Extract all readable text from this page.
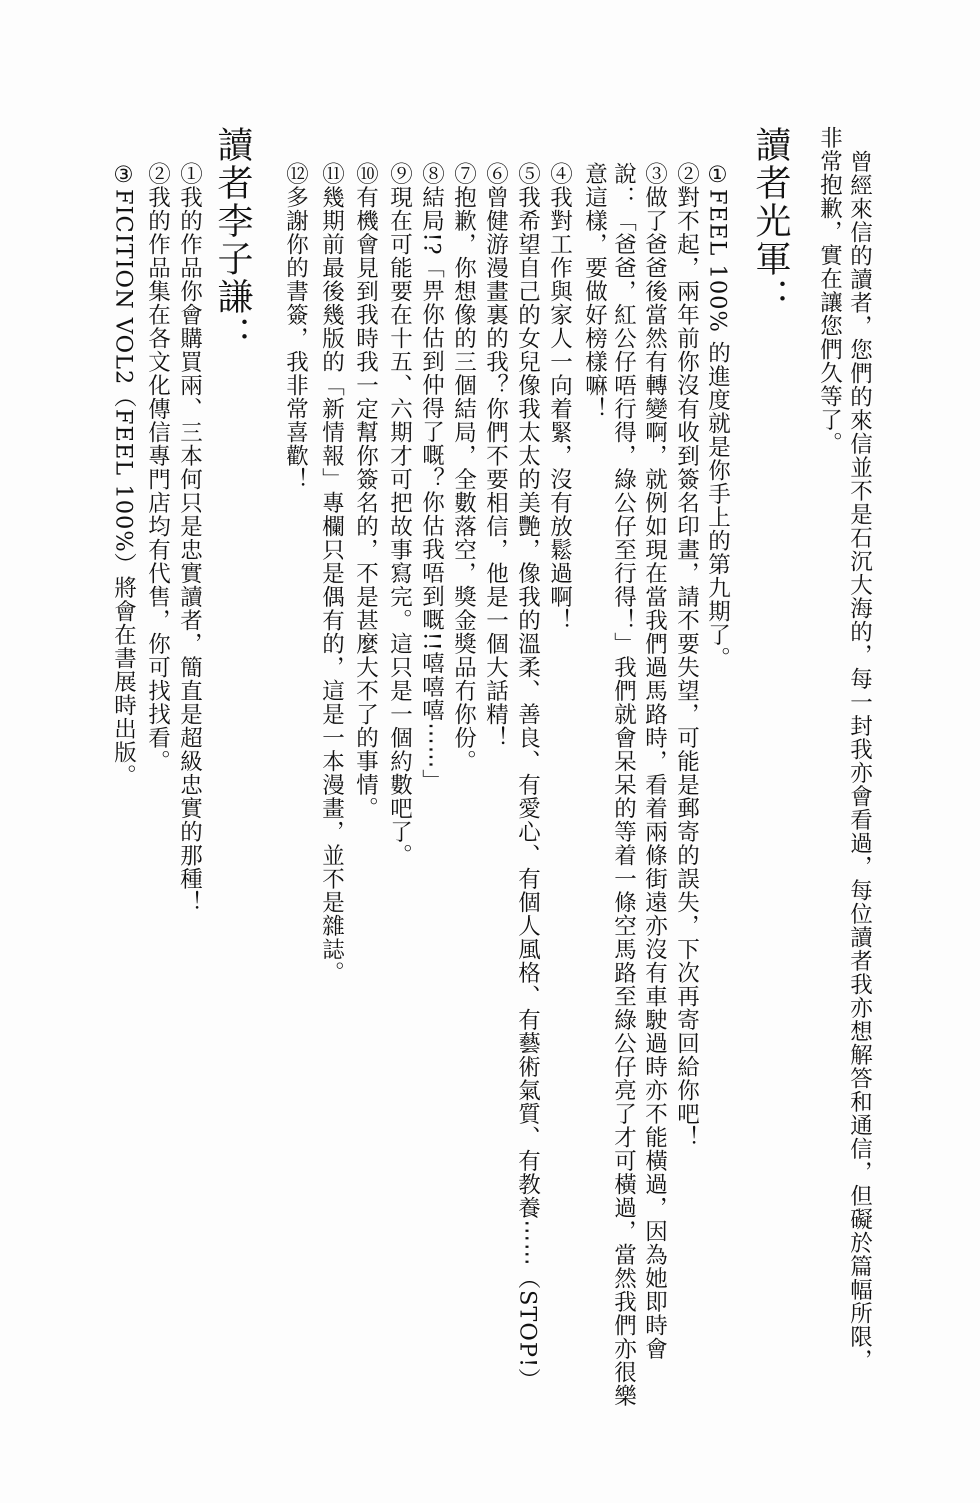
曾經來信的讀者，您們的來信並不是石沉大海的，每一封我亦會看過，每位讀者我亦想解答和通信，但礙於篇幅所限，
非常抱歉，實在讓您們久等了。
讀者光軍：
①FEEL 100% 的進度就是你手上的第九期了。
②對不起，兩年前你沒有收到簽名印畫，請不要失望，可能是郵寄的誤失，下次再寄回給你吧！
③做了爸爸後當然有轉變啊，就例如現在當我們過馬路時，看着兩條街遠亦沒有車駛過時亦不能橫過，因為她即時會
說：「爸爸，紅公仔唔行得，綠公仔至行得！」我們就會呆呆的等着一條空馬路至綠公仔亮了才可橫過，當然我們亦很樂
意這樣，要做好榜樣嘛！
④我對工作與家人一向着緊，沒有放鬆過啊！
⑤我希望自己的女兒像我太太的美艷，像我的溫柔、善良、有愛心、有個人風格、有藝術氣質、有教養⋯⋯（STOP!）
⑥曾健游漫畫裏的我？你們不要相信，他是一個大話精！
⑦抱歉，你想像的三個結局，全數落空，獎金獎品冇你份。
⑧結局!?「畀你估到仲得了嘅？你估我唔到嘅!!嘻嘻嘻⋯⋯」
⑨現在可能要在十五、六期才可把故事寫完。這只是一個約數吧了。
⑩有機會見到我時我一定幫你簽名的，不是甚麼大不了的事情。
⑪幾期前最後幾版的「新情報」專欄只是偶有的，這是一本漫畫，並不是雜誌。
⑫多謝你的書簽，我非常喜歡！
讀者李子謙：
①我的作品你會購買兩、三本何只是忠實讀者，簡直是超級忠實的那種！
②我的作品集在各文化傳信專門店均有代售，你可找找看。
③FICITION VOL2（FEEL 100%）將會在書展時出版。
